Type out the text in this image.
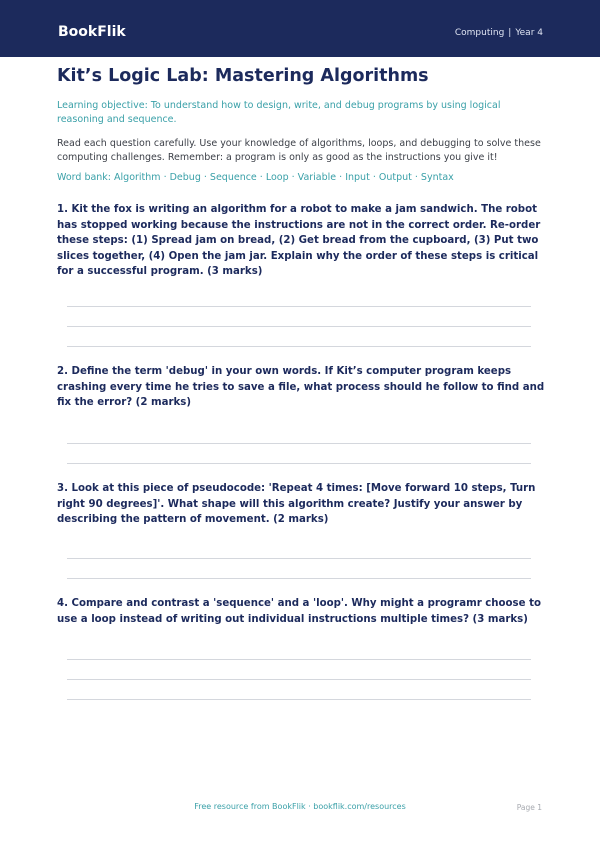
BookFlik	Computing | Year 4
Kit’s Logic Lab: Mastering Algorithms

Learning objective: To understand how to design, write, and debug programs by using logical reasoning and sequence.

Read each question carefully. Use your knowledge of algorithms, loops, and debugging to solve these computing challenges. Remember: a program is only as good as the instructions you give it!

Word bank: Algorithm · Debug · Sequence · Loop · Variable · Input · Output · Syntax

1. Kit the fox is writing an algorithm for a robot to make a jam sandwich. The robot has stopped working because the instructions are not in the correct order. Re-order these steps: (1) Spread jam on bread, (2) Get bread from the cupboard, (3) Put two slices together, (4) Open the jam jar. Explain why the order of these steps is critical for a successful program. (3 marks)

2. Define the term 'debug' in your own words. If Kit’s computer program keeps crashing every time he tries to save a file, what process should he follow to find and fix the error? (2 marks)

3. Look at this piece of pseudocode: 'Repeat 4 times: [Move forward 10 steps, Turn right 90 degrees]'. What shape will this algorithm create? Justify your answer by describing the pattern of movement. (2 marks)

4. Compare and contrast a 'sequence' and a 'loop'. Why might a programr choose to use a loop instead of writing out individual instructions multiple times? (3 marks)

Free resource from BookFlik · bookflik.com/resources	Page 1
